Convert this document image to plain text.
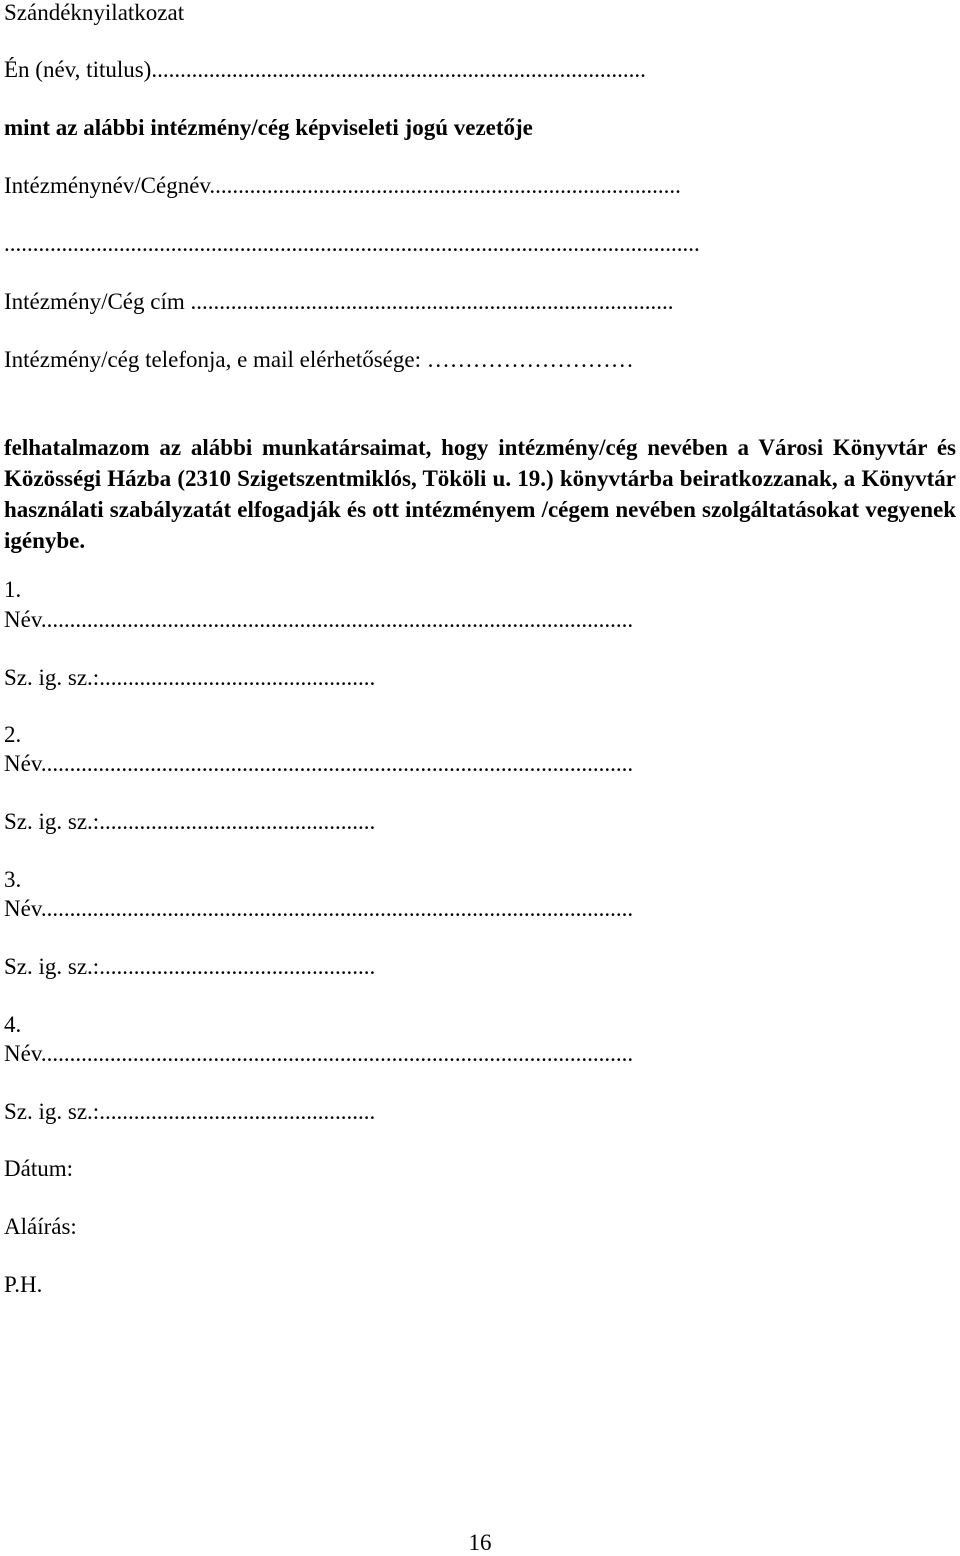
Szándéknyilatkozat
Én (név, titulus)......................................................................................
mint az alábbi intézmény/cég képviseleti jogú vezetője
Intézménynév/Cégnév..................................................................................
.........................................................................................................................
Intézmény/Cég cím ....................................................................................
Intézmény/cég telefonja, e mail elérhetősége: ………………………
felhatalmazom az alábbi munkatársaimat, hogy intézmény/cég nevében a Városi Könyvtár és Közösségi Házba (2310 Szigetszentmiklós, Tököli u. 19.) könyvtárba beiratkozzanak, a Könyvtár használati szabályzatát elfogadják és ott intézményem /cégem nevében szolgáltatásokat vegyenek igénybe.
1.
Név.......................................................................................................
Sz. ig. sz.:................................................
2.
Név.......................................................................................................
Sz. ig. sz.:................................................
3.
Név.......................................................................................................
Sz. ig. sz.:................................................
4.
Név.......................................................................................................
Sz. ig. sz.:................................................
Dátum:
Aláírás:
P.H.
16
